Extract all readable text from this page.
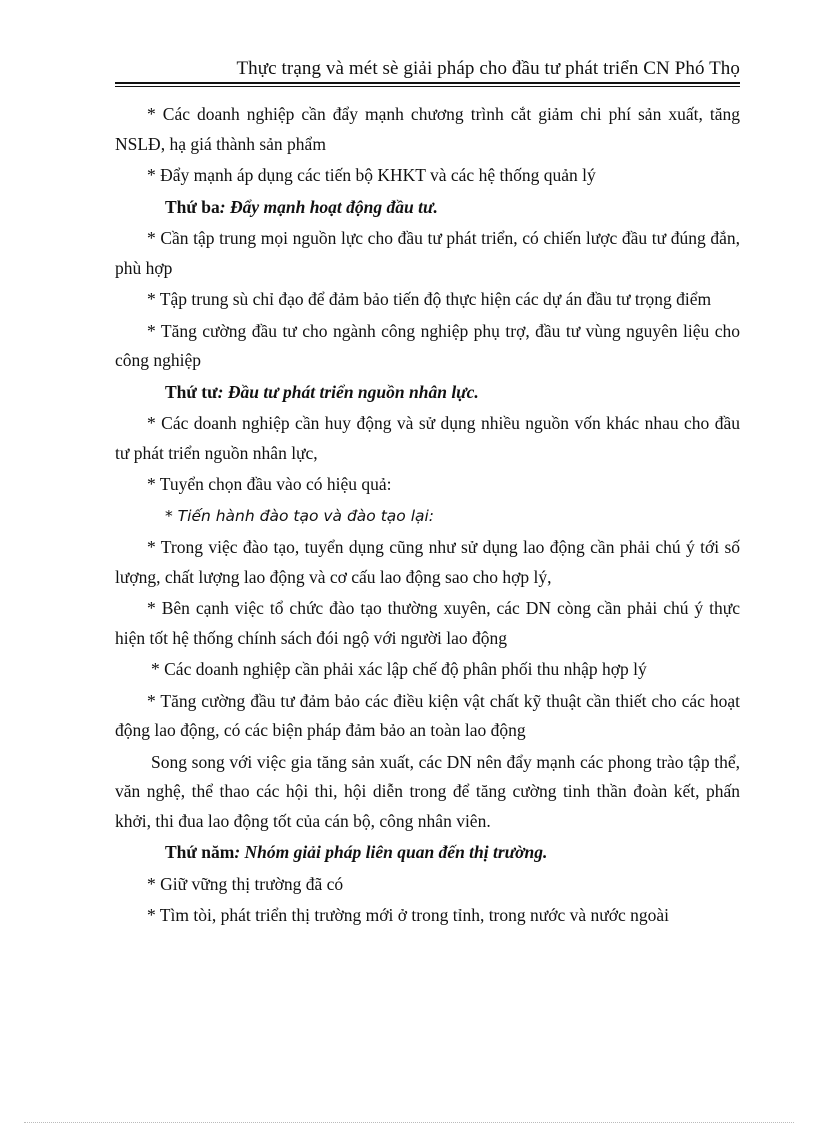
Thực trạng và mét sè giải pháp cho đầu tư phát triển CN Phó Thọ

* Các doanh nghiệp cần đẩy mạnh chương trình cắt giảm chi phí sản xuất, tăng NSLĐ, hạ giá thành sản phẩm

* Đẩy mạnh áp dụng các tiến bộ KHKT và các hệ thống quản lý

Thứ ba: Đẩy mạnh hoạt động đầu tư.

* Cần tập trung mọi nguồn lực cho đầu tư phát triển, có chiến lược đầu tư đúng đắn, phù hợp

* Tập trung sù chỉ đạo để đảm bảo tiến độ thực hiện các dự án đầu tư trọng điểm

* Tăng cường đầu tư cho ngành công nghiệp phụ trợ, đầu tư vùng nguyên liệu cho công nghiệp

Thứ tư: Đầu tư phát triển nguồn nhân lực.

* Các doanh nghiệp cần huy động và sử dụng nhiều nguồn vốn khác nhau cho đầu tư phát triển nguồn nhân lực,

* Tuyển chọn đầu vào có hiệu quả:

* Tiến hành đào tạo và đào tạo lại:

* Trong việc đào tạo, tuyển dụng cũng như sử dụng lao động cần phải chú ý tới số lượng, chất lượng lao động và cơ cấu lao động sao cho hợp lý,

* Bên cạnh việc tổ chức đào tạo thường xuyên, các DN còng cần phải chú ý thực hiện tốt hệ thống chính sách đói ngộ với người lao động

* Các doanh nghiệp cần phải xác lập chế độ phân phối thu nhập hợp lý

* Tăng cường đầu tư đảm bảo các điều kiện vật chất kỹ thuật cần thiết cho các hoạt động lao động, có các biện pháp đảm bảo an toàn lao động

Song song với việc gia tăng sản xuất, các DN nên đẩy mạnh các phong trào tập thể, văn nghệ, thể thao các hội thi, hội diễn trong để tăng cường tinh thần đoàn kết, phấn khởi, thi đua lao động tốt của cán bộ, công nhân viên.

Thứ năm: Nhóm giải pháp liên quan đến thị trường.

* Giữ vững thị trường đã có

* Tìm tòi, phát triển thị trường mới ở trong tỉnh, trong nước và nước ngoài
